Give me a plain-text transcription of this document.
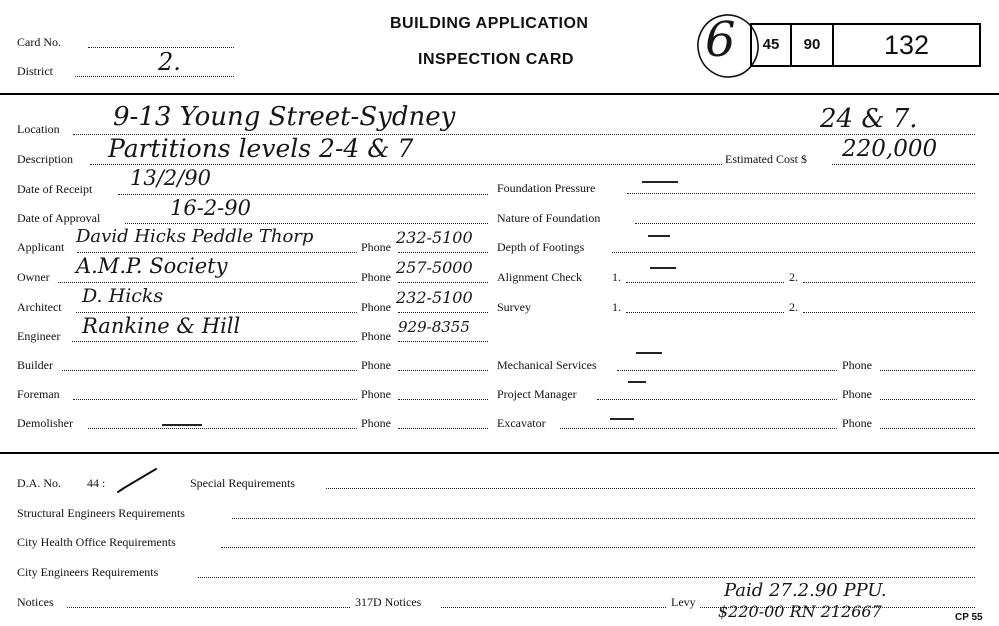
Card No.
District	2.
BUILDING APPLICATION
INSPECTION CARD	6	45	90	132
Location 9-13 Young Street-Sydney	24 & 7.
Description Partitions levels 2-4 & 7	Estimated Cost $ 220,000
Date of Receipt 13/2/90
Date of Approval	16-2-90
Applicant David Hicks Peddle Thorp	Phone 232-5100
Owner A.M.P. Society	Phone 257-5000
Architect D. Hicks	Phone 232-5100
Engineer Rankine & Hill	Phone 929-8355
Builder	Phone
Foreman	Phone
Demolisher	Phone
Foundation Pressure
Nature of Foundation
Depth of Footings
Alignment Check	1.	2.
Survey	1.	2.
Mechanical Services	Phone
Project Manager	Phone
Excavator	Phone
D.A. No. 44 :	Special Requirements
Structural Engineers Requirements
City Health Office Requirements
City Engineers Requirements
Notices	317D Notices	Levy
Paid 27.2.90 PPU.
$220-00 RN 212667	CP 55
